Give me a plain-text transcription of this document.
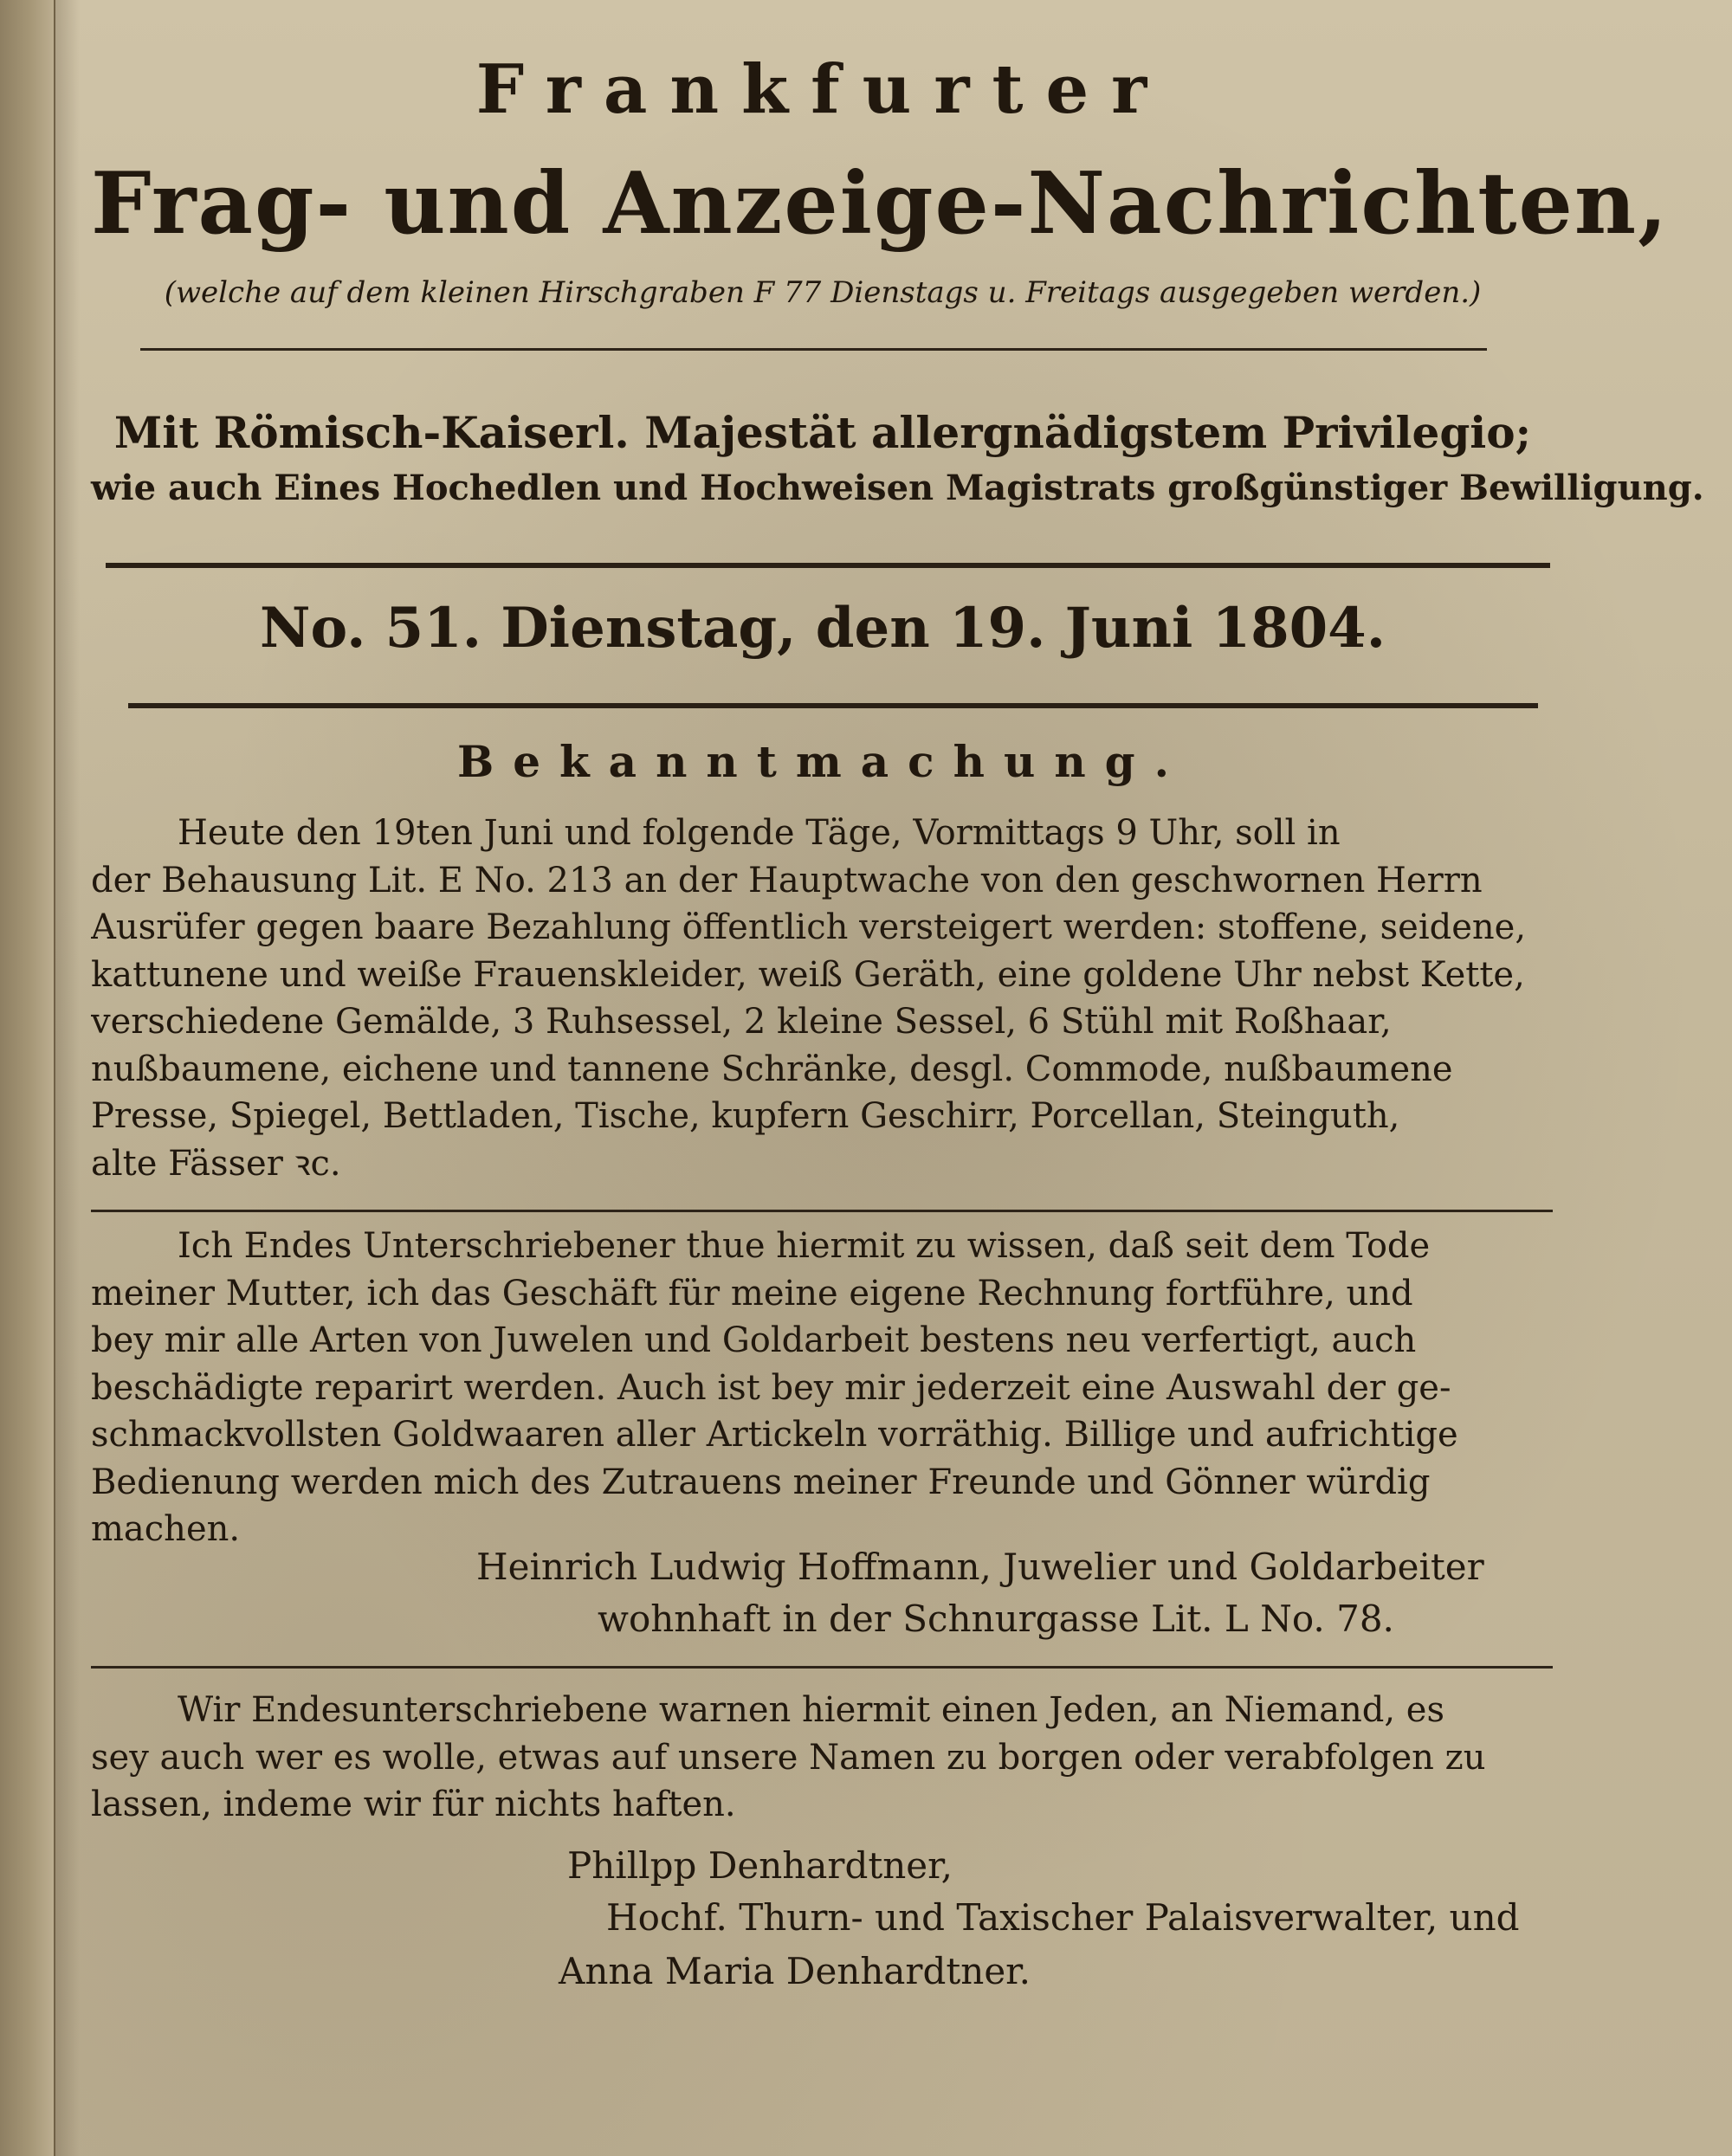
Frankfurter
Frag- und Anzeige-Nachrichten,
(welche auf dem kleinen Hirschgraben F 77 Dienstags u. Freitags ausgegeben werden.)
Mit Römisch-Kaiserl. Majestät allergnädigstem Privilegio;
wie auch Eines Hochedlen und Hochweisen Magistrats großgünstiger Bewilligung.
No. 51. Dienstag, den 19. Juni 1804.
Bekanntmachung.
Heute den 19ten Juni und folgende Täge, Vormittags 9 Uhr, soll in
der Behausung Lit. E No. 213 an der Hauptwache von den geschwornen Herrn
Ausrüfer gegen baare Bezahlung öffentlich versteigert werden: stoffene, seidene,
kattunene und weiße Frauenskleider, weiß Geräth, eine goldene Uhr nebst Kette,
verschiedene Gemälde, 3 Ruhsessel, 2 kleine Sessel, 6 Stühl mit Roßhaar,
nußbaumene, eichene und tannene Schränke, desgl. Commode, nußbaumene
Presse, Spiegel, Bettladen, Tische, kupfern Geschirr, Porcellan, Steinguth,
alte Fässer ꝛc.
Ich Endes Unterschriebener thue hiermit zu wissen, daß seit dem Tode
meiner Mutter, ich das Geschäft für meine eigene Rechnung fortführe, und
bey mir alle Arten von Juwelen und Goldarbeit bestens neu verfertigt, auch
beschädigte reparirt werden. Auch ist bey mir jederzeit eine Auswahl der ge-
schmackvollsten Goldwaaren aller Artickeln vorräthig. Billige und aufrichtige
Bedienung werden mich des Zutrauens meiner Freunde und Gönner würdig
machen.
Heinrich Ludwig Hoffmann, Juwelier und Goldarbeiter
wohnhaft in der Schnurgasse Lit. L No. 78.
Wir Endesunterschriebene warnen hiermit einen Jeden, an Niemand, es
sey auch wer es wolle, etwas auf unsere Namen zu borgen oder verabfolgen zu
lassen, indeme wir für nichts haften.
Phillpp Denhardtner,
Hochf. Thurn- und Taxischer Palaisverwalter, und
Anna Maria Denhardtner.
